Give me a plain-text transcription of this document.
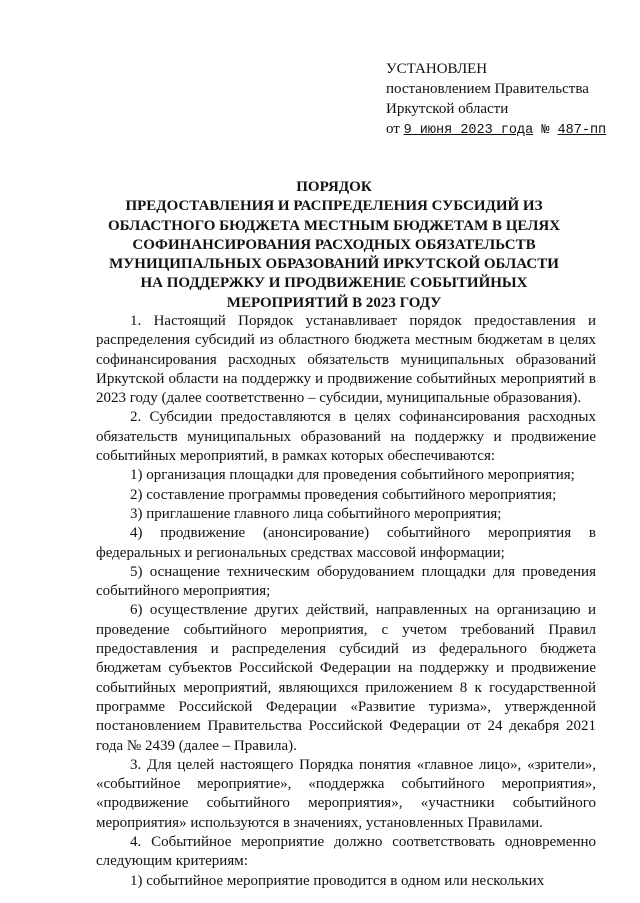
УСТАНОВЛЕН
постановлением Правительства
Иркутской области
от 9 июня 2023 года № 487-пп
ПОРЯДОК
ПРЕДОСТАВЛЕНИЯ И РАСПРЕДЕЛЕНИЯ СУБСИДИЙ ИЗ
ОБЛАСТНОГО БЮДЖЕТА МЕСТНЫМ БЮДЖЕТАМ В ЦЕЛЯХ
СОФИНАНСИРОВАНИЯ РАСХОДНЫХ ОБЯЗАТЕЛЬСТВ
МУНИЦИПАЛЬНЫХ ОБРАЗОВАНИЙ ИРКУТСКОЙ ОБЛАСТИ
НА ПОДДЕРЖКУ И ПРОДВИЖЕНИЕ СОБЫТИЙНЫХ
МЕРОПРИЯТИЙ В 2023 ГОДУ

1. Настоящий Порядок устанавливает порядок предоставления и распределения субсидий из областного бюджета местным бюджетам в целях софинансирования расходных обязательств муниципальных образований Иркутской области на поддержку и продвижение событийных мероприятий в 2023 году (далее соответственно – субсидии, муниципальные образования).

2. Субсидии предоставляются в целях софинансирования расходных обязательств муниципальных образований на поддержку и продвижение событийных мероприятий, в рамках которых обеспечиваются:

1) организация площадки для проведения событийного мероприятия;

2) составление программы проведения событийного мероприятия;

3) приглашение главного лица событийного мероприятия;

4) продвижение (анонсирование) событийного мероприятия в федеральных и региональных средствах массовой информации;

5) оснащение техническим оборудованием площадки для проведения событийного мероприятия;

6) осуществление других действий, направленных на организацию и проведение событийного мероприятия, с учетом требований Правил предоставления и распределения субсидий из федерального бюджета бюджетам субъектов Российской Федерации на поддержку и продвижение событийных мероприятий, являющихся приложением 8 к государственной программе Российской Федерации «Развитие туризма», утвержденной постановлением Правительства Российской Федерации от 24 декабря 2021 года № 2439 (далее – Правила).

3. Для целей настоящего Порядка понятия «главное лицо», «зрители», «событийное мероприятие», «поддержка событийного мероприятия», «продвижение событийного мероприятия», «участники событийного мероприятия» используются в значениях, установленных Правилами.

4. Событийное мероприятие должно соответствовать одновременно следующим критериям:

1) событийное мероприятие проводится в одном или нескольких
